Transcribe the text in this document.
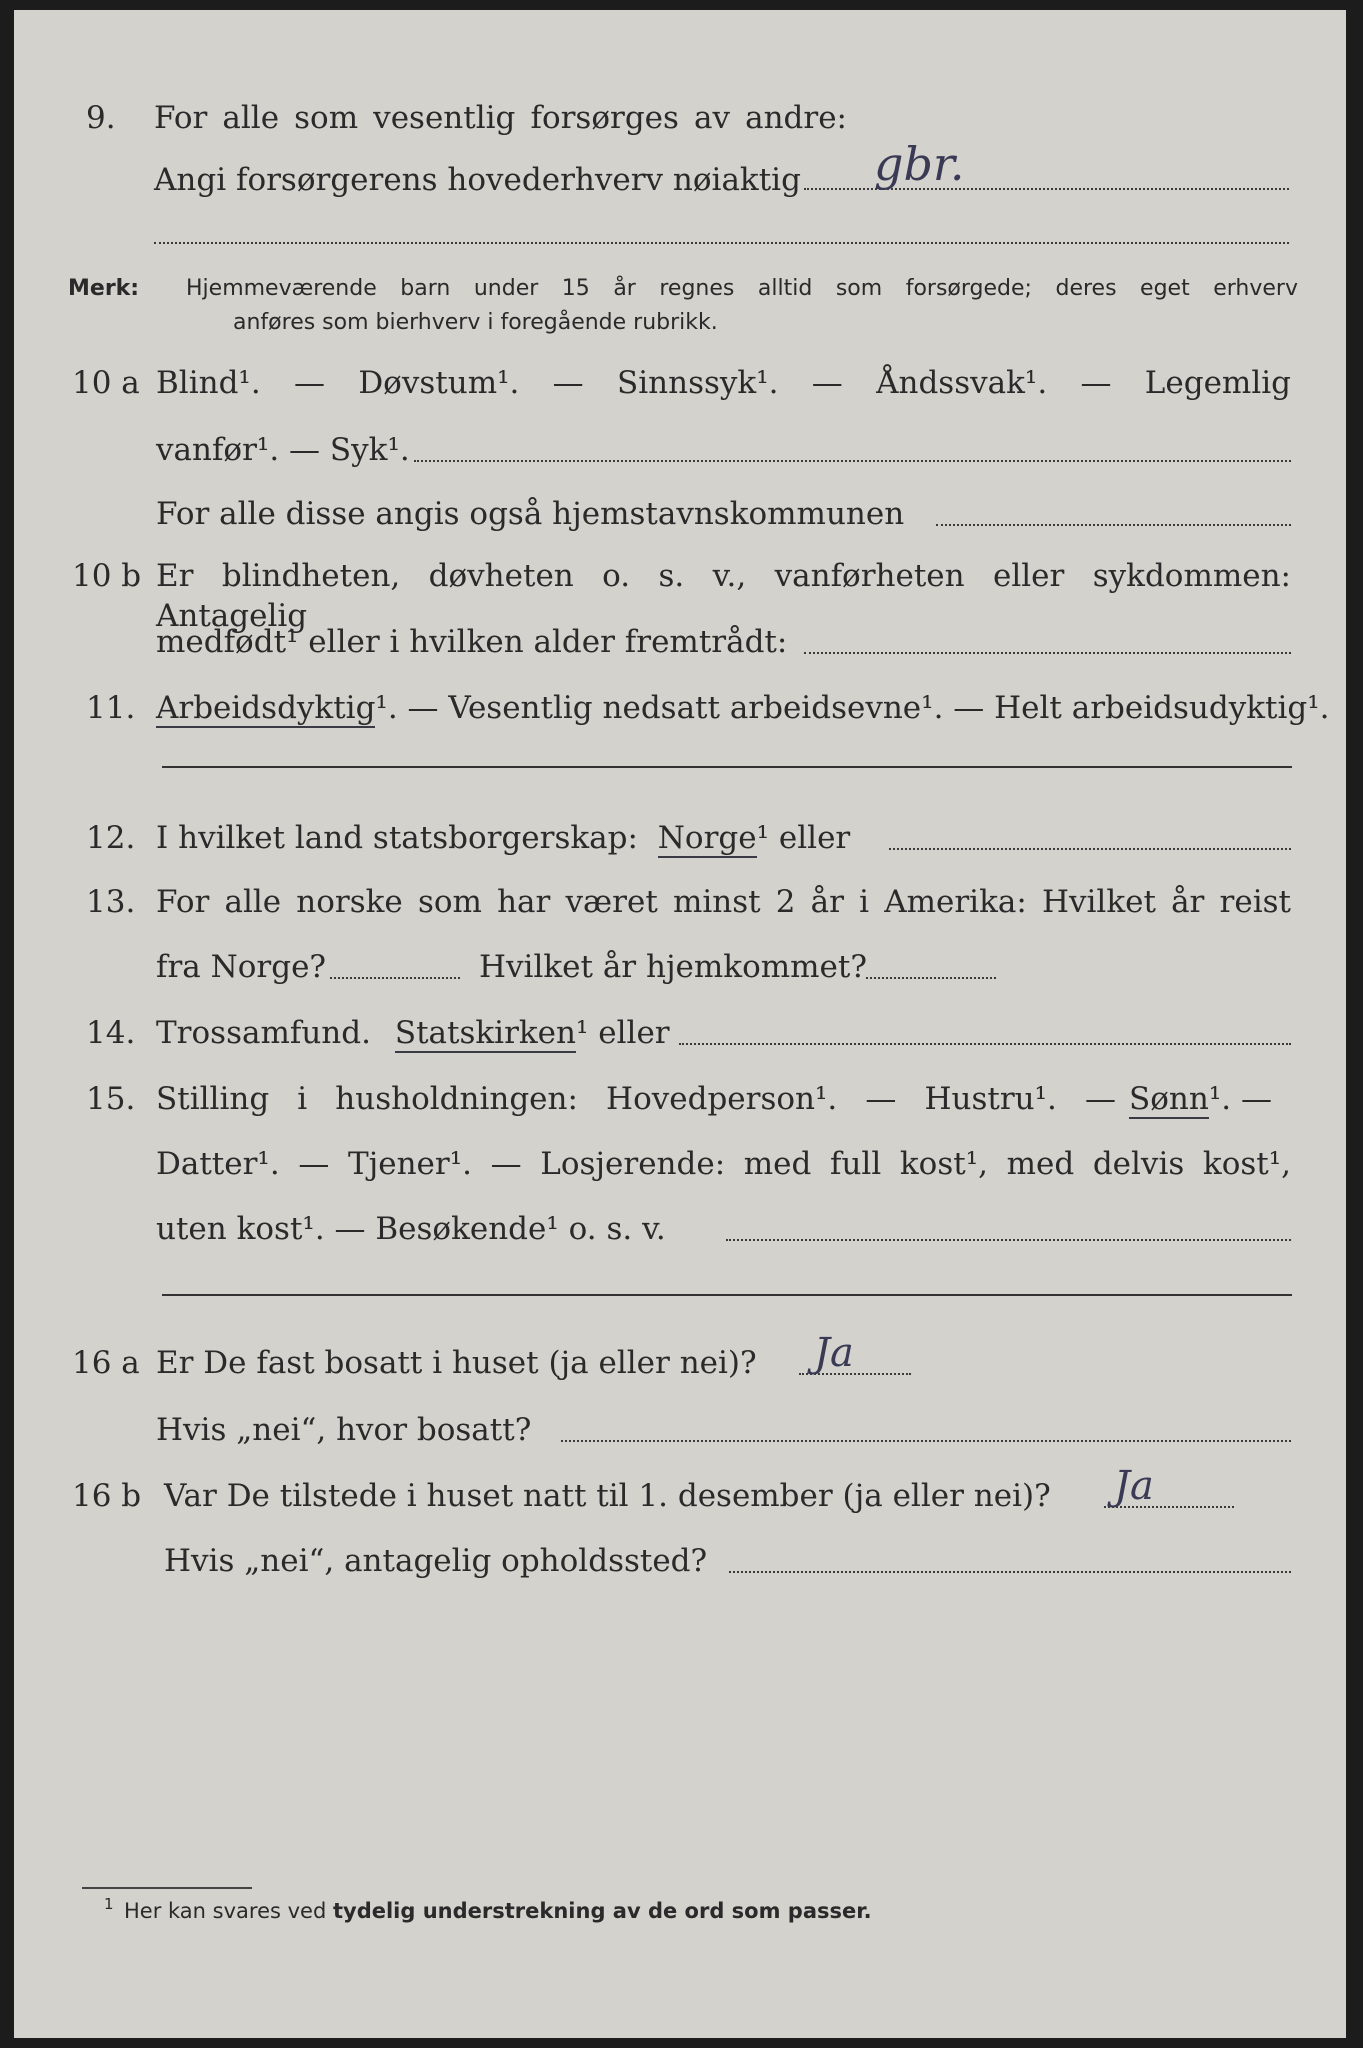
9. For alle som vesentlig forsørges av andre:
Angi forsørgerens hovederhverv nøiaktig gbr.
Merk: Hjemmeværende barn under 15 år regnes alltid som forsørgede; deres eget erhverv
anføres som bierhverv i foregående rubrikk.
10 a Blind¹. — Døvstum¹. — Sinnssyk¹. — Åndssvak¹. — Legemlig
vanfør¹. — Syk¹.
For alle disse angis også hjemstavnskommunen
10 b Er blindheten, døvheten o. s. v., vanførheten eller sykdommen: Antagelig
medfødt¹ eller i hvilken alder fremtrådt:
11. Arbeidsdyktig¹. — Vesentlig nedsatt arbeidsevne¹. — Helt arbeidsudyktig¹.
12. I hvilket land statsborgerskap: Norge¹ eller
13. For alle norske som har været minst 2 år i Amerika: Hvilket år reist
fra Norge?	Hvilket år hjemkommet?
14. Trossamfund. Statskirken¹ eller
15. Stilling i husholdningen: Hovedperson¹. — Hustru¹. — Sønn¹. —
Datter¹. — Tjener¹. — Losjerende: med full kost¹, med delvis kost¹,
uten kost¹. — Besøkende¹ o. s. v.
16 a Er De fast bosatt i huset (ja eller nei)? Ja
Hvis „nei“, hvor bosatt?
16 b Var De tilstede i huset natt til 1. desember (ja eller nei)? Ja
Hvis „nei“, antagelig opholdssted?
1 Her kan svares ved tydelig understrekning av de ord som passer.
